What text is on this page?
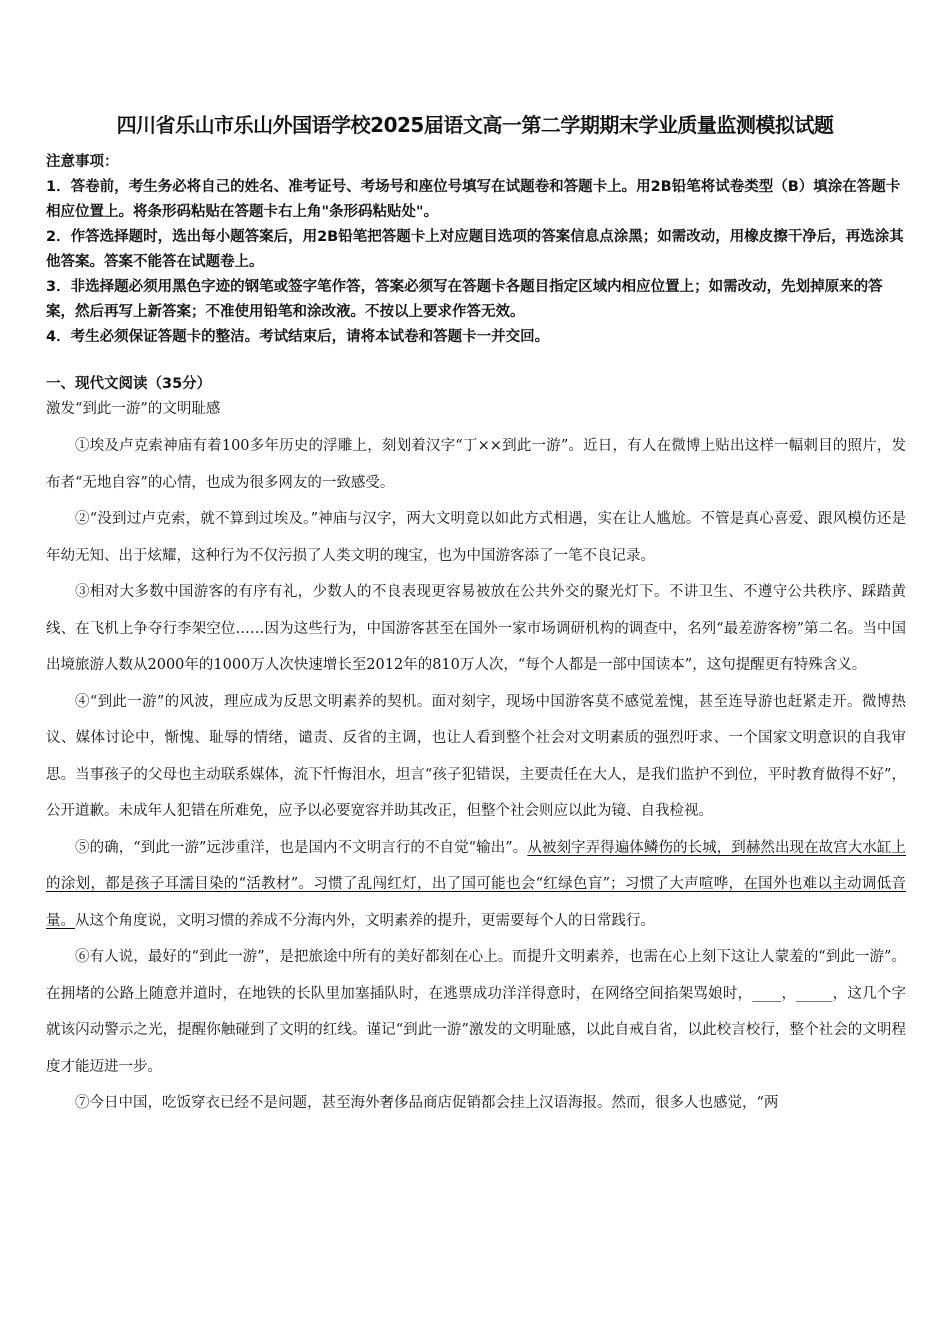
四川省乐山市乐山外国语学校2025届语文高一第二学期期末学业质量监测模拟试题

注意事项：

1．答卷前，考生务必将自己的姓名、准考证号、考场号和座位号填写在试题卷和答题卡上。用2B铅笔将试卷类型（B）填涂在答题卡相应位置上。将条形码粘贴在答题卡右上角"条形码粘贴处"。

2．作答选择题时，选出每小题答案后，用2B铅笔把答题卡上对应题目选项的答案信息点涂黑；如需改动，用橡皮擦干净后，再选涂其他答案。答案不能答在试题卷上。

3．非选择题必须用黑色字迹的钢笔或签字笔作答，答案必须写在答题卡各题目指定区域内相应位置上；如需改动，先划掉原来的答案，然后再写上新答案；不准使用铅笔和涂改液。不按以上要求作答无效。

4．考生必须保证答题卡的整洁。考试结束后，请将本试卷和答题卡一并交回。

一、现代文阅读（35分）
激发“到此一游”的文明耻感

①埃及卢克索神庙有着100多年历史的浮雕上，刻划着汉字“丁××到此一游”。近日，有人在微博上贴出这样一幅刺目的照片，发布者“无地自容”的心情，也成为很多网友的一致感受。

②“没到过卢克索，就不算到过埃及。”神庙与汉字，两大文明竟以如此方式相遇，实在让人尴尬。不管是真心喜爱、跟风模仿还是年幼无知、出于炫耀，这种行为不仅污损了人类文明的瑰宝，也为中国游客添了一笔不良记录。

③相对大多数中国游客的有序有礼，少数人的不良表现更容易被放在公共外交的聚光灯下。不讲卫生、不遵守公共秩序、踩踏黄线、在飞机上争夺行李架空位……因为这些行为，中国游客甚至在国外一家市场调研机构的调查中，名列“最差游客榜”第二名。当中国出境旅游人数从2000年的1000万人次快速增长至2012年的810万人次，“每个人都是一部中国读本”，这句提醒更有特殊含义。

④“到此一游”的风波，理应成为反思文明素养的契机。面对刻字，现场中国游客莫不感觉羞愧，甚至连导游也赶紧走开。微博热议、媒体讨论中，惭愧、耻辱的情绪，谴责、反省的主调，也让人看到整个社会对文明素质的强烈吁求、一个国家文明意识的自我审思。当事孩子的父母也主动联系媒体，流下忏悔泪水，坦言“孩子犯错误，主要责任在大人，是我们监护不到位，平时教育做得不好”，公开道歉。未成年人犯错在所难免，应予以必要宽容并助其改正，但整个社会则应以此为镜、自我检视。

⑤的确，“到此一游”远涉重洋，也是国内不文明言行的不自觉“输出”。从被刻字弄得遍体鳞伤的长城，到赫然出现在故宫大水缸上的涂划，都是孩子耳濡目染的“活教材”。习惯了乱闯红灯，出了国可能也会“红绿色盲”；习惯了大声喧哗，在国外也难以主动调低音量。从这个角度说，文明习惯的养成不分海内外，文明素养的提升，更需要每个人的日常践行。

⑥有人说，最好的“到此一游”，是把旅途中所有的美好都刻在心上。而提升文明素养，也需在心上刻下这让人蒙羞的“到此一游”。在拥堵的公路上随意并道时，在地铁的长队里加塞插队时，在逃票成功洋洋得意时，在网络空间掐架骂娘时，____，_____，这几个字就该闪动警示之光，提醒你触碰到了文明的红线。谨记“到此一游”激发的文明耻感，以此自戒自省，以此校言校行，整个社会的文明程度才能迈进一步。

⑦今日中国，吃饭穿衣已经不是问题，甚至海外奢侈品商店促销都会挂上汉语海报。然而，很多人也感觉，“两
